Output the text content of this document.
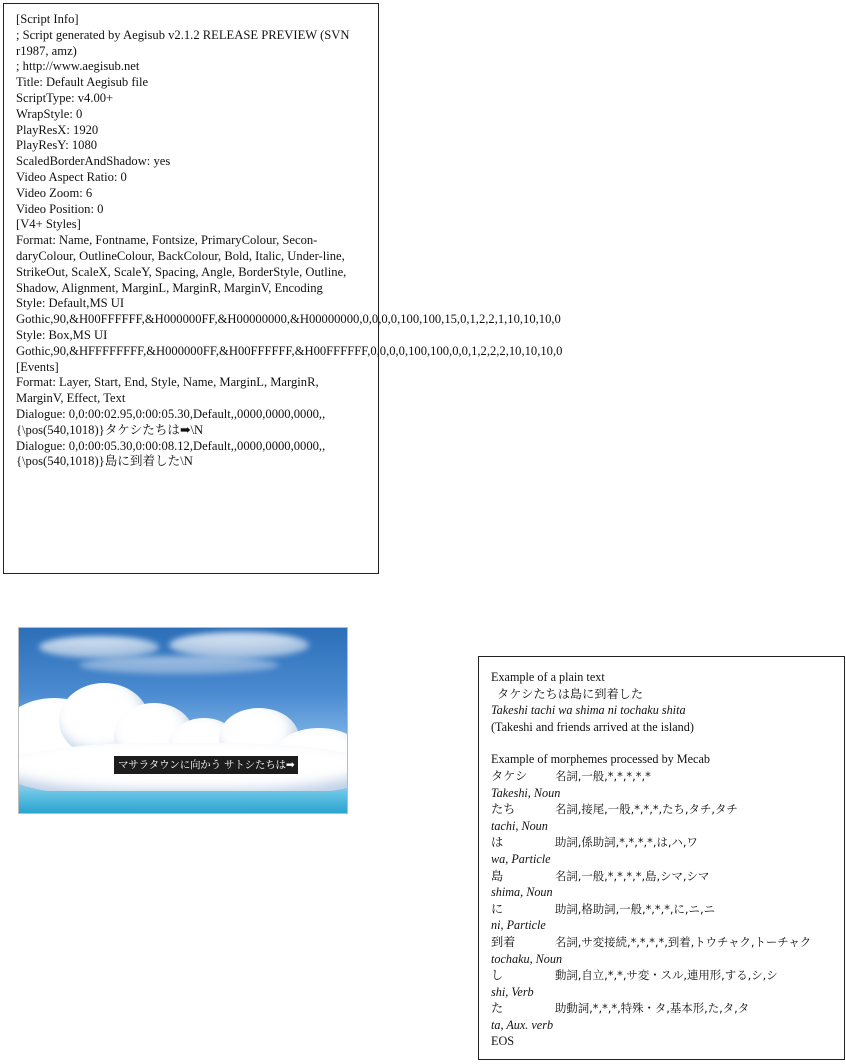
[Script Info]
; Script generated by Aegisub v2.1.2 RELEASE PREVIEW (SVN r1987, amz)
; http://www.aegisub.net
Title: Default Aegisub file
ScriptType: v4.00+
WrapStyle: 0
PlayResX: 1920
PlayResY: 1080
ScaledBorderAndShadow: yes
Video Aspect Ratio: 0
Video Zoom: 6
Video Position: 0
[V4+ Styles]
Format: Name, Fontname, Fontsize, PrimaryColour, Secon-daryColour, OutlineColour, BackColour, Bold, Italic, Under-line,
StrikeOut, ScaleX, ScaleY, Spacing, Angle, BorderStyle, Outline, Shadow, Alignment, MarginL, MarginR, MarginV, Encoding
Style: Default,MS UI Gothic,90,&H00FFFFFF,&H000000FF,&H00000000,&H00000000,0,0,0,0,100,100,15,0,1,2,2,1,10,10,10,0
Style: Box,MS UI Gothic,90,&HFFFFFFFF,&H000000FF,&H00FFFFFF,&H00FFFFFF,0,0,0,0,100,100,0,0,1,2,2,2,10,10,10,0
[Events]
Format: Layer, Start, End, Style, Name, MarginL, MarginR, MarginV, Effect, Text
Dialogue: 0,0:00:02.95,0:00:05.30,Default,,0000,0000,0000,,{\pos(540,1018)}タケシたちは➡\N
Dialogue: 0,0:00:05.30,0:00:08.12,Default,,0000,0000,0000,,{\pos(540,1018)}島に到着した\N
マサラタウンに向かう サトシたちは➡
Example of a plain text
タケシたちは島に到着した
Takeshi tachi wa shima ni tochaku shita
(Takeshi and friends arrived at the island)
Example of morphemes processed by Mecab
タケシ 名詞,一般,*,*,*,*,*
Takeshi, Noun
たち	名詞,接尾,一般,*,*,*,たち,タチ,タチ
tachi, Noun
は	助詞,係助詞,*,*,*,*,は,ハ,ワ
wa, Particle
島	名詞,一般,*,*,*,*,島,シマ,シマ
shima, Noun
に	助詞,格助詞,一般,*,*,*,に,ニ,ニ
ni, Particle
到着	名詞,サ変接続,*,*,*,*,到着,トウチャク,トーチャク
tochaku, Noun
し	動詞,自立,*,*,サ変・スル,連用形,する,シ,シ
shi, Verb
た	助動詞,*,*,*,特殊・タ,基本形,た,タ,タ
ta, Aux. verb
EOS
